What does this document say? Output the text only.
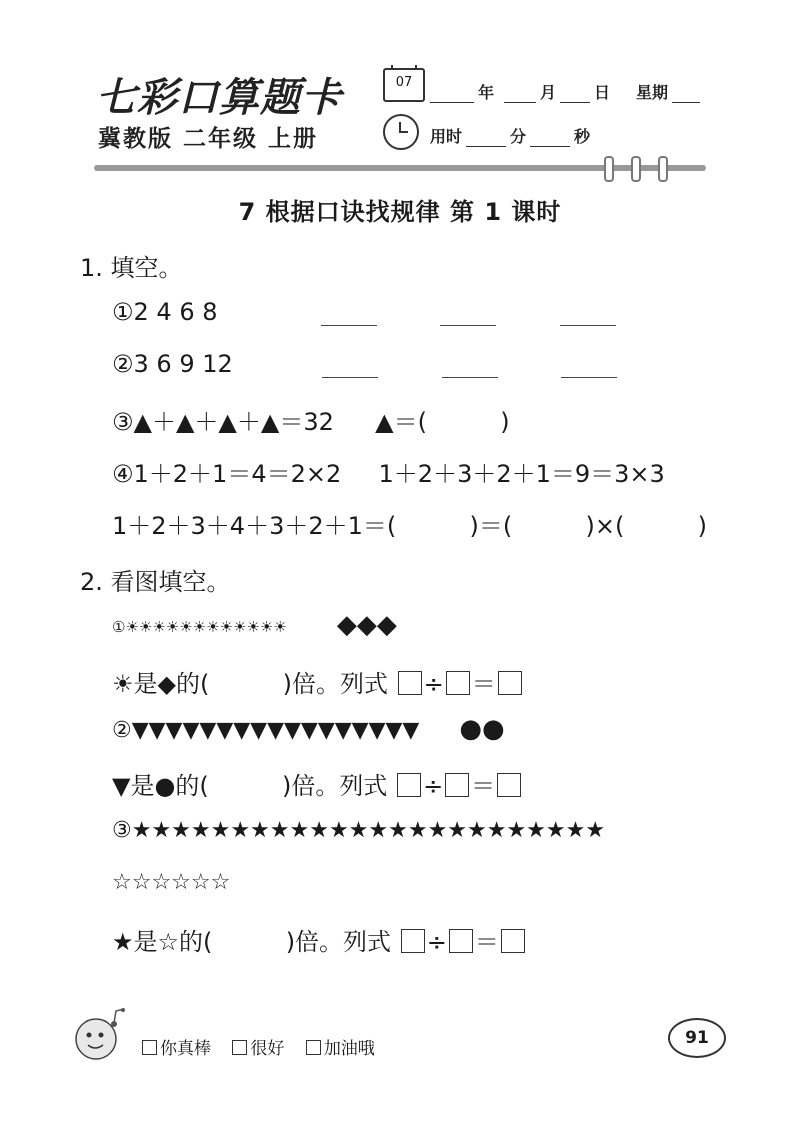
七彩口算题卡
冀教版 二年级 上册
07
年	月 日 星期
用时	分	秒
7 根据口诀找规律 第 1 课时
1. 填空。
①2 4 6 8
②3 6 9 12
③▲＋▲＋▲＋▲＝32 ▲＝(	)
④1＋2＋1＝4＝2×2 1＋2＋3＋2＋1＝9＝3×3
1＋2＋3＋4＋3＋2＋1＝(	)＝(	)×(	)
2. 看图填空。
①☀☀☀☀☀☀☀☀☀☀☀☀ ◆◆◆
☀是◆的(	)倍。列式 ÷ ＝
②▼▼▼▼▼▼▼▼▼▼▼▼▼▼▼▼▼ ●●
▼是●的(	)倍。列式 ÷ ＝
③★★★★★★★★★★★★★★★★★★★★★★★★
☆☆☆☆☆☆
★是☆的(	)倍。列式 ÷ ＝
你真棒 很好 加油哦
91
